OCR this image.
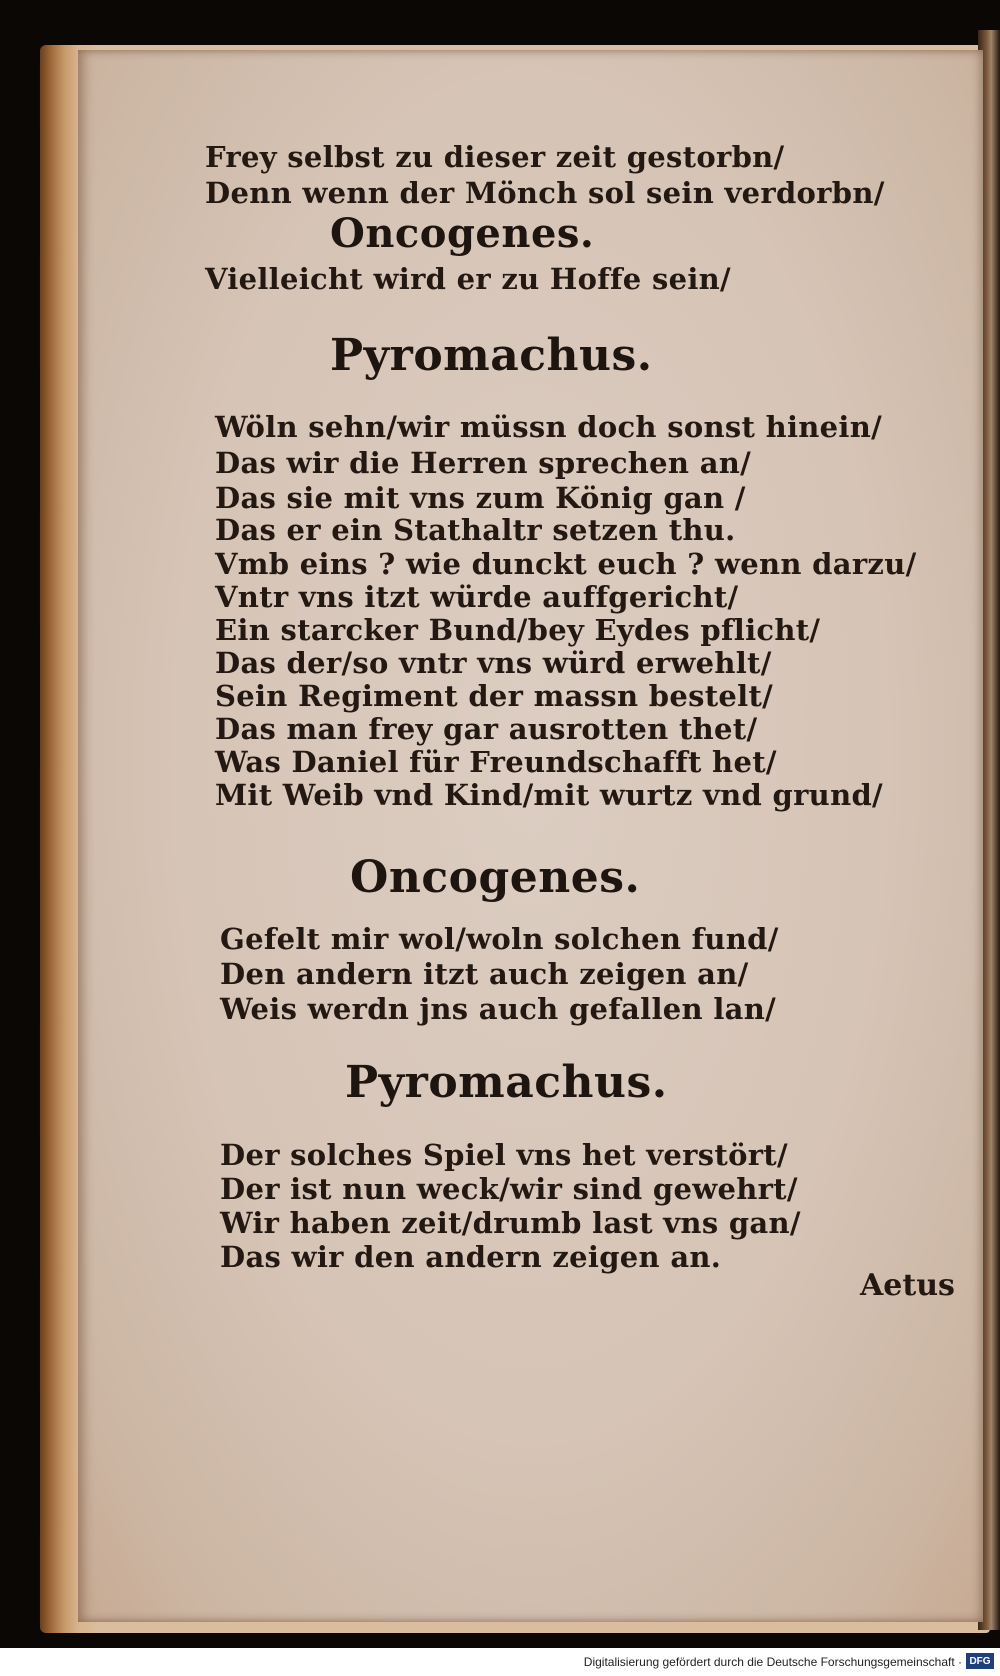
Frey selbst zu dieser zeit gestorbn/
Denn wenn der Mönch sol sein verdorbn/
Oncogenes.
Vielleicht wird er zu Hoffe sein/
Pyromachus.
Wöln sehn/wir müssn doch sonst hinein/
Das wir die Herren sprechen an/
Das sie mit vns zum König gan /
Das er ein Stathaltr setzen thu.
Vmb eins ? wie dunckt euch ? wenn darzu/
Vntr vns itzt würde auffgericht/
Ein starcker Bund/bey Eydes pflicht/
Das der/so vntr vns würd erwehlt/
Sein Regiment der massn bestelt/
Das man frey gar ausrotten thet/
Was Daniel für Freundschafft het/
Mit Weib vnd Kind/mit wurtz vnd grund/
Oncogenes.
Gefelt mir wol/woln solchen fund/
Den andern itzt auch zeigen an/
Weis werdn jns auch gefallen lan/
Pyromachus.
Der solches Spiel vns het verstört/
Der ist nun weck/wir sind gewehrt/
Wir haben zeit/drumb last vns gan/
Das wir den andern zeigen an.
Aetus
Digitalisierung gefördert durch die Deutsche Forschungsgemeinschaft · DFG
